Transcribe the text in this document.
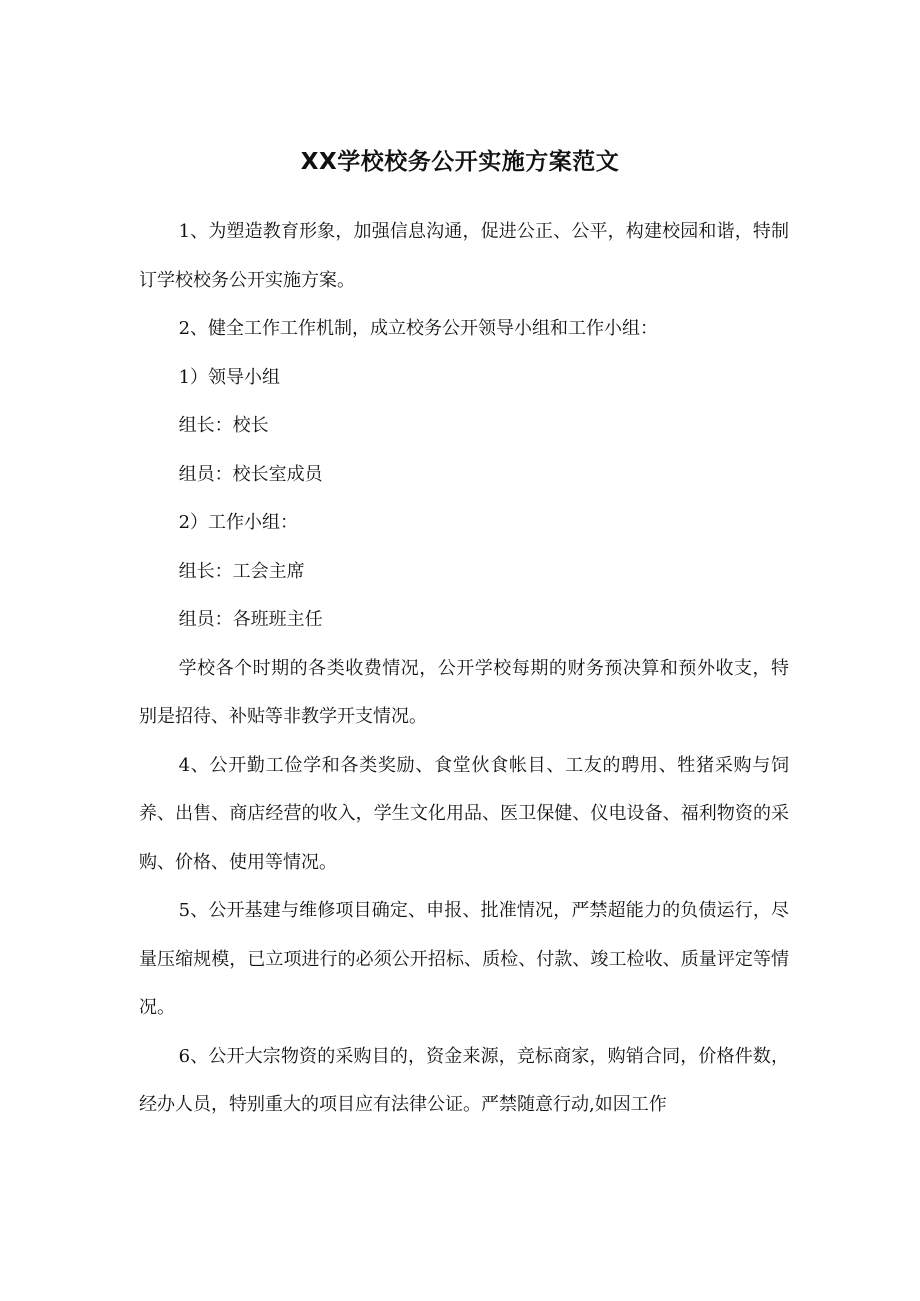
XX学校校务公开实施方案范文

1、为塑造教育形象，加强信息沟通，促进公正、公平，构建校园和谐，特制订学校校务公开实施方案。

2、健全工作工作机制，成立校务公开领导小组和工作小组：

1）领导小组

组长：校长

组员：校长室成员

2）工作小组：

组长：工会主席

组员：各班班主任

学校各个时期的各类收费情况，公开学校每期的财务预决算和预外收支，特别是招待、补贴等非教学开支情况。

4、公开勤工俭学和各类奖励、食堂伙食帐目、工友的聘用、牲猪采购与饲养、出售、商店经营的收入，学生文化用品、医卫保健、仪电设备、福利物资的采购、价格、使用等情况。

5、公开基建与维修项目确定、申报、批准情况，严禁超能力的负债运行，尽量压缩规模，已立项进行的必须公开招标、质检、付款、竣工检收、质量评定等情况。

6、公开大宗物资的采购目的，资金来源，竞标商家，购销合同，价格件数，经办人员，特别重大的项目应有法律公证。严禁随意行动,如因工作
